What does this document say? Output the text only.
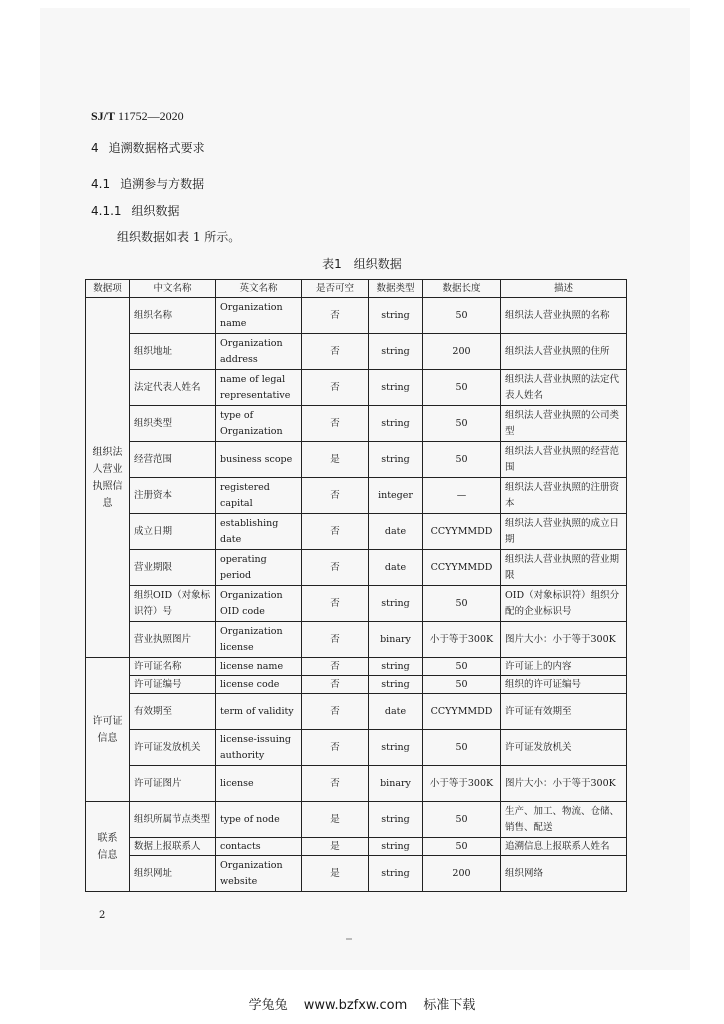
SJ/T 11752—2020
4 追溯数据格式要求
4.1 追溯参与方数据
4.1.1 组织数据
组织数据如表 1 所示。
表1　组织数据
数据项	中文名称	英文名称	是否可空	数据类型	数据长度	描述
组织法
人营业
执照信
息	组织名称	Organization name	否	string	50	组织法人营业执照的名称
	组织地址	Organization address	否	string	200	组织法人营业执照的住所
	法定代表人姓名	name of legal representative	否	string	50	组织法人营业执照的法定代表人姓名
	组织类型	type of Organization	否	string	50	组织法人营业执照的公司类型
	经营范围	business scope	是	string	50	组织法人营业执照的经营范围
	注册资本	registered capital	否	integer	—	组织法人营业执照的注册资本
	成立日期	establishing date	否	date	CCYYMMDD	组织法人营业执照的成立日期
	营业期限	operating period	否	date	CCYYMMDD	组织法人营业执照的营业期限
	组织OID（对象标识符）号	Organization OID code	否	string	50	OID（对象标识符）组织分配的企业标识号
	营业执照图片	Organization license	否	binary	小于等于300K	图片大小：小于等于300K
许可证
信息	许可证名称	license name	否	string	50	许可证上的内容
	许可证编号	license code	否	string	50	组织的许可证编号
	有效期至	term of validity	否	date	CCYYMMDD	许可证有效期至
	许可证发放机关	license-issuing authority	否	string	50	许可证发放机关
	许可证图片	license	否	binary	小于等于300K	图片大小：小于等于300K
联系
信息	组织所属节点类型	type of node	是	string	50	生产、加工、物流、仓储、销售、配送
	数据上报联系人	contacts	是	string	50	追溯信息上报联系人姓名
	组织网址	Organization website	是	string	200	组织网络
2
学兔兔 www.bzfxw.com 标准下载
